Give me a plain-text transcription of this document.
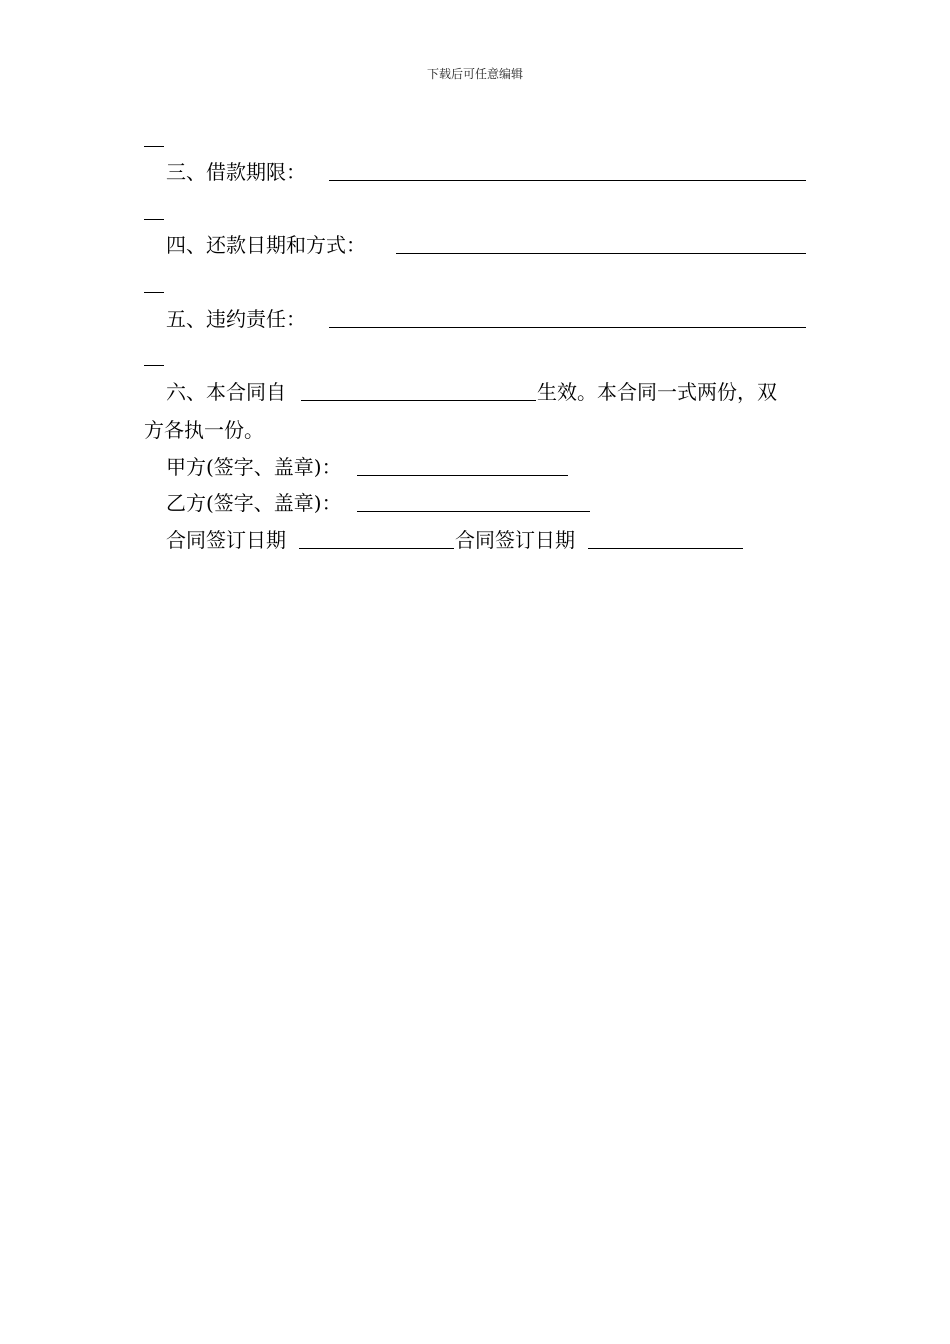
下载后可任意编辑
三、借款期限：
四、还款日期和方式：
五、违约责任：
六、本合同自	生效。本合同一式两份，双
方各执一份。
甲方(签字、盖章)：
乙方(签字、盖章)：
合同签订日期	合同签订日期
